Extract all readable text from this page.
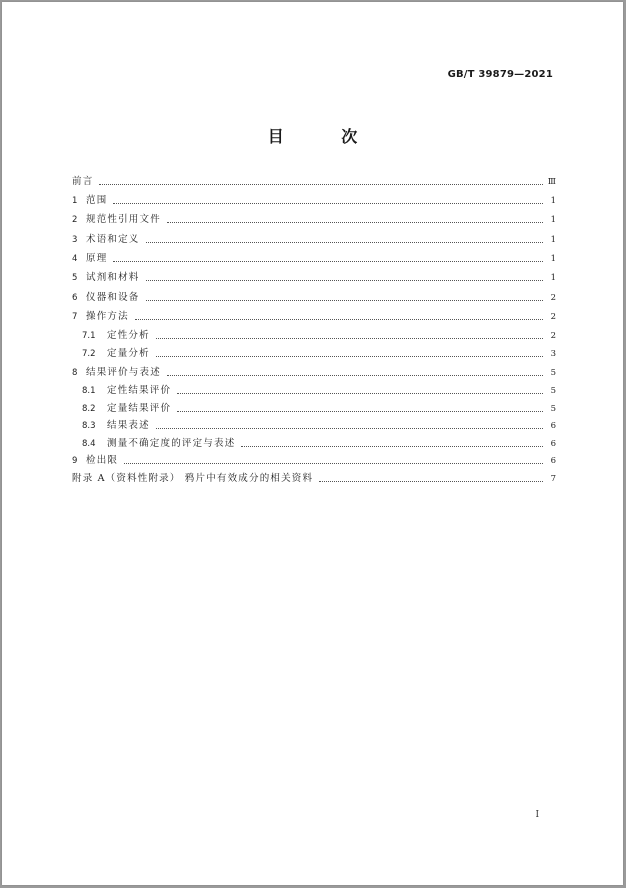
GB/T 39879—2021
目 次
前言	Ⅲ
1 范围	1
2 规范性引用文件	1
3 术语和定义	1
4 原理	1
5 试剂和材料	1
6 仪器和设备	2
7 操作方法	2
7.1	定性分析	2
7.2	定量分析	3
8 结果评价与表述	5
8.1	定性结果评价	5
8.2	定量结果评价	5
8.3	结果表述	6
8.4	测量不确定度的评定与表述	6
9 检出限	6
附录 A（资料性附录） 鸦片中有效成分的相关资料	7
I
